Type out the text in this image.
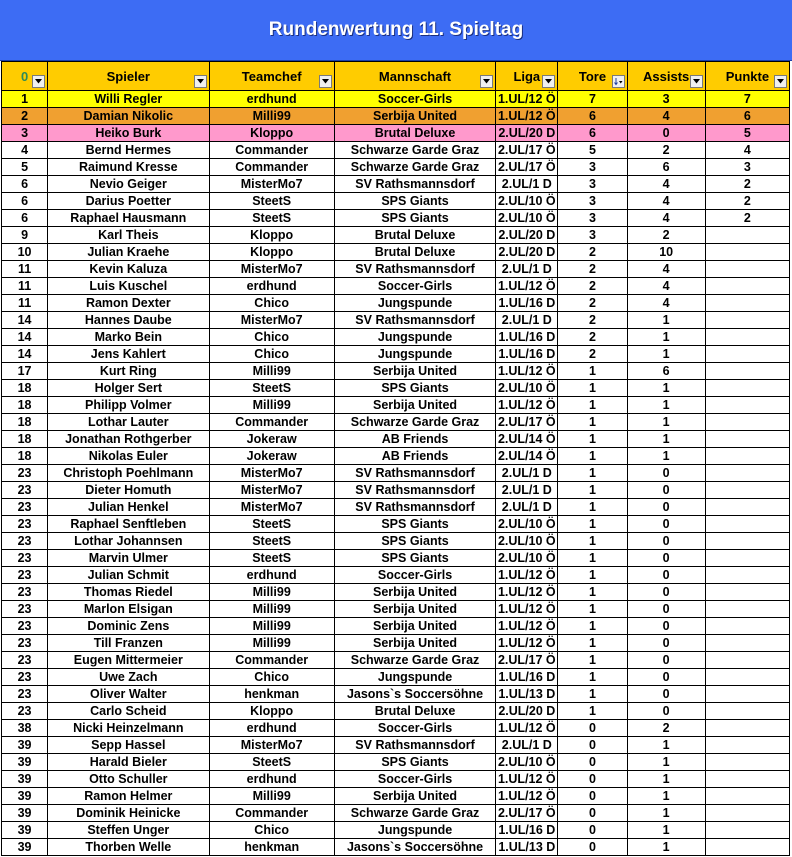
Rundenwertung 11. Spieltag
0	Spieler	Teamchef	Mannschaft	Liga	Tore	Assists	Punkte

1	Willi Regler	erdhund	Soccer-Girls	1.UL/12 Ö	7	3	7
2	Damian Nikolic	Milli99	Serbija United	1.UL/12 Ö	6	4	6
3	Heiko Burk	Kloppo	Brutal Deluxe	2.UL/20 D	6	0	5
4	Bernd Hermes	Commander	Schwarze Garde Graz	2.UL/17 Ö	5	2	4
5	Raimund Kresse	Commander	Schwarze Garde Graz	2.UL/17 Ö	3	6	3
6	Nevio Geiger	MisterMo7	SV Rathsmannsdorf	2.UL/1 D	3	4	2
6	Darius Poetter	SteetS	SPS Giants	2.UL/10 Ö	3	4	2
6	Raphael Hausmann	SteetS	SPS Giants	2.UL/10 Ö	3	4	2
9	Karl Theis	Kloppo	Brutal Deluxe	2.UL/20 D	3	2	
10	Julian Kraehe	Kloppo	Brutal Deluxe	2.UL/20 D	2	10	
11	Kevin Kaluza	MisterMo7	SV Rathsmannsdorf	2.UL/1 D	2	4	
11	Luis Kuschel	erdhund	Soccer-Girls	1.UL/12 Ö	2	4	
11	Ramon Dexter	Chico	Jungspunde	1.UL/16 D	2	4	
14	Hannes Daube	MisterMo7	SV Rathsmannsdorf	2.UL/1 D	2	1	
14	Marko Bein	Chico	Jungspunde	1.UL/16 D	2	1	
14	Jens Kahlert	Chico	Jungspunde	1.UL/16 D	2	1	
17	Kurt Ring	Milli99	Serbija United	1.UL/12 Ö	1	6	
18	Holger Sert	SteetS	SPS Giants	2.UL/10 Ö	1	1	
18	Philipp Volmer	Milli99	Serbija United	1.UL/12 Ö	1	1	
18	Lothar Lauter	Commander	Schwarze Garde Graz	2.UL/17 Ö	1	1	
18	Jonathan Rothgerber	Jokeraw	AB Friends	2.UL/14 Ö	1	1	
18	Nikolas Euler	Jokeraw	AB Friends	2.UL/14 Ö	1	1	
23	Christoph Poehlmann	MisterMo7	SV Rathsmannsdorf	2.UL/1 D	1	0	
23	Dieter Homuth	MisterMo7	SV Rathsmannsdorf	2.UL/1 D	1	0	
23	Julian Henkel	MisterMo7	SV Rathsmannsdorf	2.UL/1 D	1	0	
23	Raphael Senftleben	SteetS	SPS Giants	2.UL/10 Ö	1	0	
23	Lothar Johannsen	SteetS	SPS Giants	2.UL/10 Ö	1	0	
23	Marvin Ulmer	SteetS	SPS Giants	2.UL/10 Ö	1	0	
23	Julian Schmit	erdhund	Soccer-Girls	1.UL/12 Ö	1	0	
23	Thomas Riedel	Milli99	Serbija United	1.UL/12 Ö	1	0	
23	Marlon Elsigan	Milli99	Serbija United	1.UL/12 Ö	1	0	
23	Dominic Zens	Milli99	Serbija United	1.UL/12 Ö	1	0	
23	Till Franzen	Milli99	Serbija United	1.UL/12 Ö	1	0	
23	Eugen Mittermeier	Commander	Schwarze Garde Graz	2.UL/17 Ö	1	0	
23	Uwe Zach	Chico	Jungspunde	1.UL/16 D	1	0	
23	Oliver Walter	henkman	Jasons`s Soccersöhne	1.UL/13 D	1	0	
23	Carlo Scheid	Kloppo	Brutal Deluxe	2.UL/20 D	1	0	
38	Nicki Heinzelmann	erdhund	Soccer-Girls	1.UL/12 Ö	0	2	
39	Sepp Hassel	MisterMo7	SV Rathsmannsdorf	2.UL/1 D	0	1	
39	Harald Bieler	SteetS	SPS Giants	2.UL/10 Ö	0	1	
39	Otto Schuller	erdhund	Soccer-Girls	1.UL/12 Ö	0	1	
39	Ramon Helmer	Milli99	Serbija United	1.UL/12 Ö	0	1	
39	Dominik Heinicke	Commander	Schwarze Garde Graz	2.UL/17 Ö	0	1	
39	Steffen Unger	Chico	Jungspunde	1.UL/16 D	0	1	
39	Thorben Welle	henkman	Jasons`s Soccersöhne	1.UL/13 D	0	1	
